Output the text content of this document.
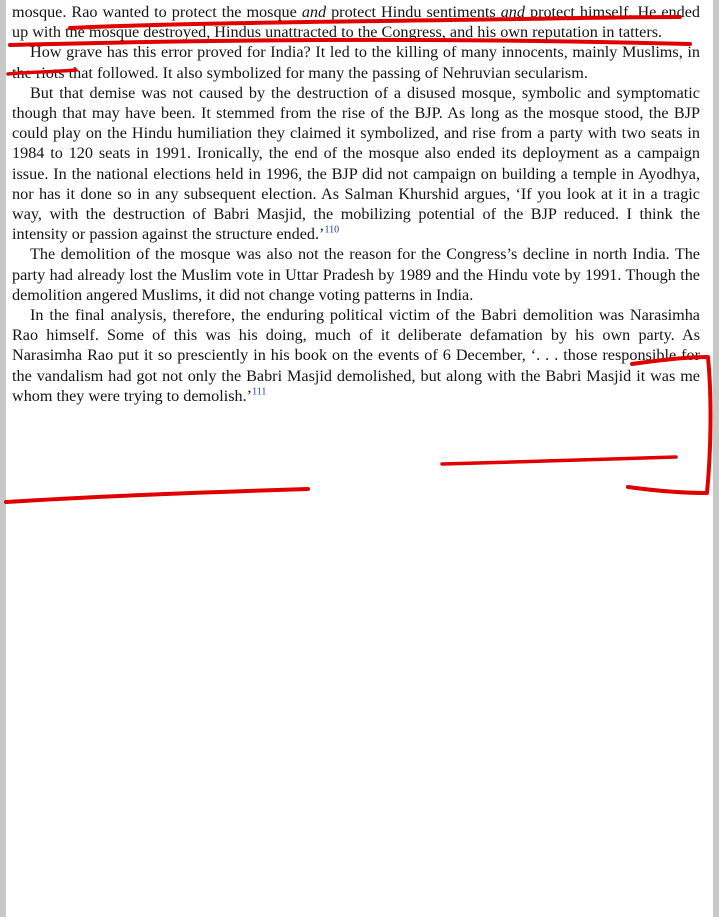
mosque. Rao wanted to protect the mosque and protect Hindu sentiments and protect himself. He ended up with the mosque destroyed, Hindus unattracted to the Congress, and his own reputation in tatters.

How grave has this error proved for India? It led to the killing of many innocents, mainly Muslims, in the riots that followed. It also symbolized for many the passing of Nehruvian secularism.

But that demise was not caused by the destruction of a disused mosque, symbolic and symptomatic though that may have been. It stemmed from the rise of the BJP. As long as the mosque stood, the BJP could play on the Hindu humiliation they claimed it symbolized, and rise from a party with two seats in 1984 to 120 seats in 1991. Ironically, the end of the mosque also ended its deployment as a campaign issue. In the national elections held in 1996, the BJP did not campaign on building a temple in Ayodhya, nor has it done so in any subsequent election. As Salman Khurshid argues, ‘If you look at it in a tragic way, with the destruction of Babri Masjid, the mobilizing potential of the BJP reduced. I think the intensity or passion against the structure ended.’$^{110}$

The demolition of the mosque was also not the reason for the Congress’s decline in north India. The party had already lost the Muslim vote in Uttar Pradesh by 1989 and the Hindu vote by 1991. Though the demolition angered Muslims, it did not change voting patterns in India.

In the final analysis, therefore, the enduring political victim of the Babri demolition was Narasimha Rao himself. Some of this was his doing, much of it deliberate defamation by his own party. As Narasimha Rao put it so presciently in his book on the events of 6 December, ‘. . . those responsible for the vandalism had got not only the Babri Masjid demolished, but along with the Babri Masjid it was me whom they were trying to demolish.’$^{111}$
